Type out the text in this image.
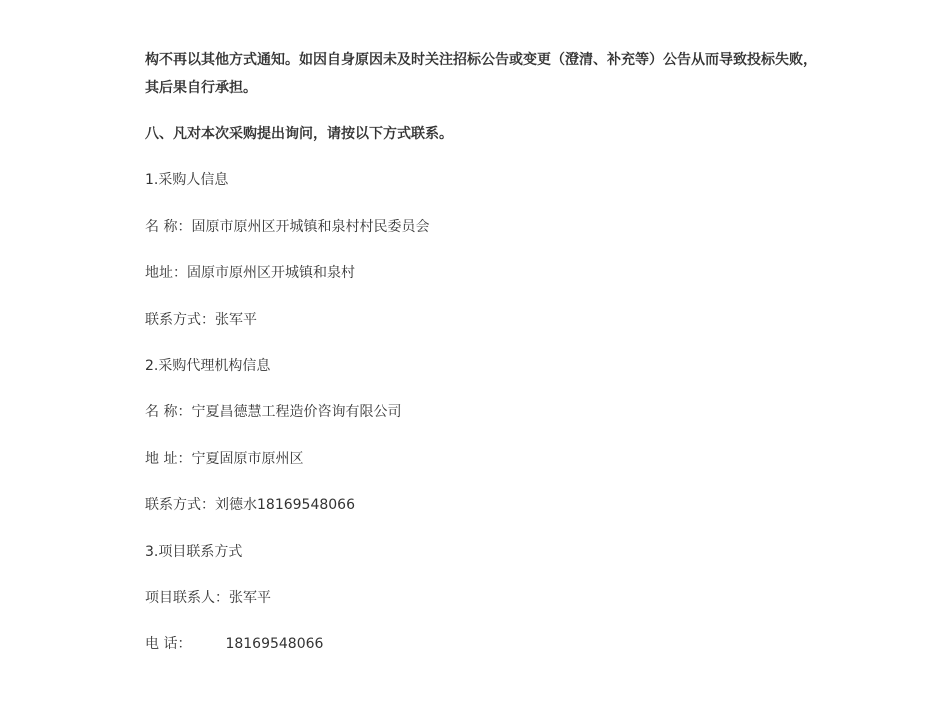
构不再以其他方式通知。如因自身原因未及时关注招标公告或变更（澄清、补充等）公告从而导致投标失败，
其后果自行承担。
八、凡对本次采购提出询问，请按以下方式联系。
1.采购人信息
名 称：固原市原州区开城镇和泉村村民委员会
地址：固原市原州区开城镇和泉村
联系方式：张军平
2.采购代理机构信息
名 称：宁夏昌德慧工程造价咨询有限公司
地 址：宁夏固原市原州区
联系方式：刘德水18169548066
3.项目联系方式
项目联系人：张军平
电 话： 18169548066
